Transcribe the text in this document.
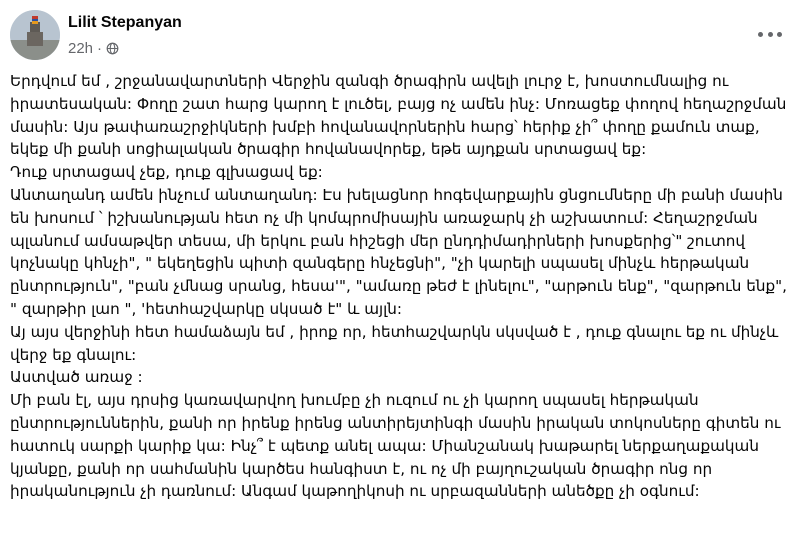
Lilit Stepanyan
22h ·

Երդվում եմ , շրջանավարտների Վերջին զանգի ծրագիրն ավելի լուրջ է, խոստումնալից ու իրատեսական: Փողը շատ հարց կարող է լուծել, բայց ոչ ամեն ինչ: Մոռացեք փողով հեղաշրջման մասին: Այս թափառաշրջիկների խմբի հովանավորներին հարց՝ հերիք չի՞ փողը քամուն տաք, եկեք մի քանի սոցիալական ծրագիր հովանավորեք, եթե այդքան սրտացավ եք:

Դուք սրտացավ չեք, դուք գլխացավ եք:

Անտաղանդ ամեն ինչում անտաղանդ: Էս խելացնոր հոգեվարքային ցնցումները մի բանի մասին են խոսում ՝ իշխանության հետ ոչ մի կոմպրոմիսային առաջարկ չի աշխատում: Հեղաշրջման պլանում ամսաթվեր տեսա, մի երկու բան հիշեցի մեր ընդդիմադիրների խոսքերից՝" շուտով կոչնակը կհնչի", " եկեղեցին պիտի զանգերը հնչեցնի", "չի կարելի սպասել մինչև հերթական ընտրություն", "բան չմնաց սրանց, հեսա'", "ամառը թեժ է լինելու", "արթուն ենք", "զարթուն ենք", " զարթիր լաո ", 'հետհաշվարկը սկսած է" և այլն:

Այ այս վերջինի հետ համաձայն եմ , իրոք որ, հետհաշվարկն սկսված է , դուք գնալու եք ու մինչև վերջ եք գնալու:

Աստված առաջ :

Մի բան էլ, այս դրսից կառավարվող խումբը չի ուզում ու չի կարող սպասել հերթական ընտրություններին, քանի որ իրենք իրենց անտիրեյտինգի մասին իրական տոկոսները գիտեն ու հատուկ սարքի կարիք կա: Ինչ՞ է պետք անել ապա: Միանշանակ խաթարել ներքաղաքական կյանքը, քանի որ սահմանին կարծես հանգիստ է, ու ոչ մի բայղուշական ծրագիր ոնց որ իրականություն չի դառնում: Անգամ կաթողիկոսի ու սրբազանների անեծքը չի օգնում:
